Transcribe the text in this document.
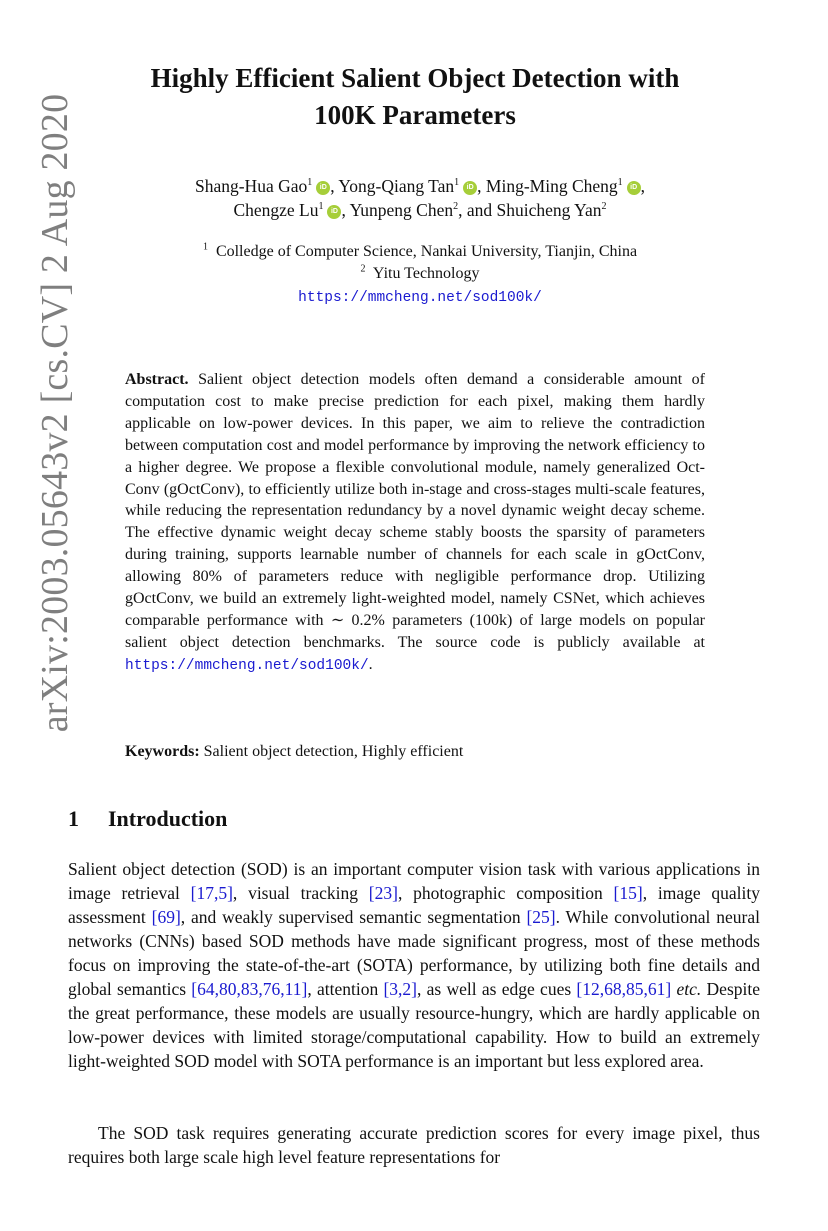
arXiv:2003.05643v2 [cs.CV] 2 Aug 2020
Highly Efficient Salient Object Detection with
100K Parameters
Shang-Hua Gao$^1$ iD , Yong-Qiang Tan$^1$ iD , Ming-Ming Cheng$^1$ iD ,
Chengze Lu$^1$ iD , Yunpeng Chen$^2$, and Shuicheng Yan$^2$
$^1$ Colledge of Computer Science, Nankai University, Tianjin, China
$^2$ Yitu Technology
https://mmcheng.net/sod100k/

Abstract. Salient object detection models often demand a considerable amount of computation cost to make precise prediction for each pixel, making them hardly applicable on low-power devices. In this paper, we aim to relieve the contradiction between computation cost and model performance by improving the network efficiency to a higher degree. We propose a flexible convolutional module, namely generalized Oct-Conv (gOctConv), to efficiently utilize both in-stage and cross-stages multi-scale features, while reducing the representation redundancy by a novel dynamic weight decay scheme. The effective dynamic weight decay scheme stably boosts the sparsity of parameters during training, supports learnable number of channels for each scale in gOctConv, allowing 80% of parameters reduce with negligible performance drop. Utilizing gOctConv, we build an extremely light-weighted model, namely CSNet, which achieves comparable performance with ∼ 0.2% parameters (100k) of large models on popular salient object detection benchmarks. The source code is publicly available at https://mmcheng.net/sod100k/.

Keywords: Salient object detection, Highly efficient
1 Introduction

Salient object detection (SOD) is an important computer vision task with various applications in image retrieval [17,5], visual tracking [23], photographic composition [15], image quality assessment [69], and weakly supervised semantic segmentation [25]. While convolutional neural networks (CNNs) based SOD methods have made significant progress, most of these methods focus on improving the state-of-the-art (SOTA) performance, by utilizing both fine details and global semantics [64,80,83,76,11], attention [3,2], as well as edge cues [12,68,85,61] etc. Despite the great performance, these models are usually resource-hungry, which are hardly applicable on low-power devices with limited storage/computational capability. How to build an extremely light-weighted SOD model with SOTA performance is an important but less explored area.

The SOD task requires generating accurate prediction scores for every image pixel, thus requires both large scale high level feature representations for
